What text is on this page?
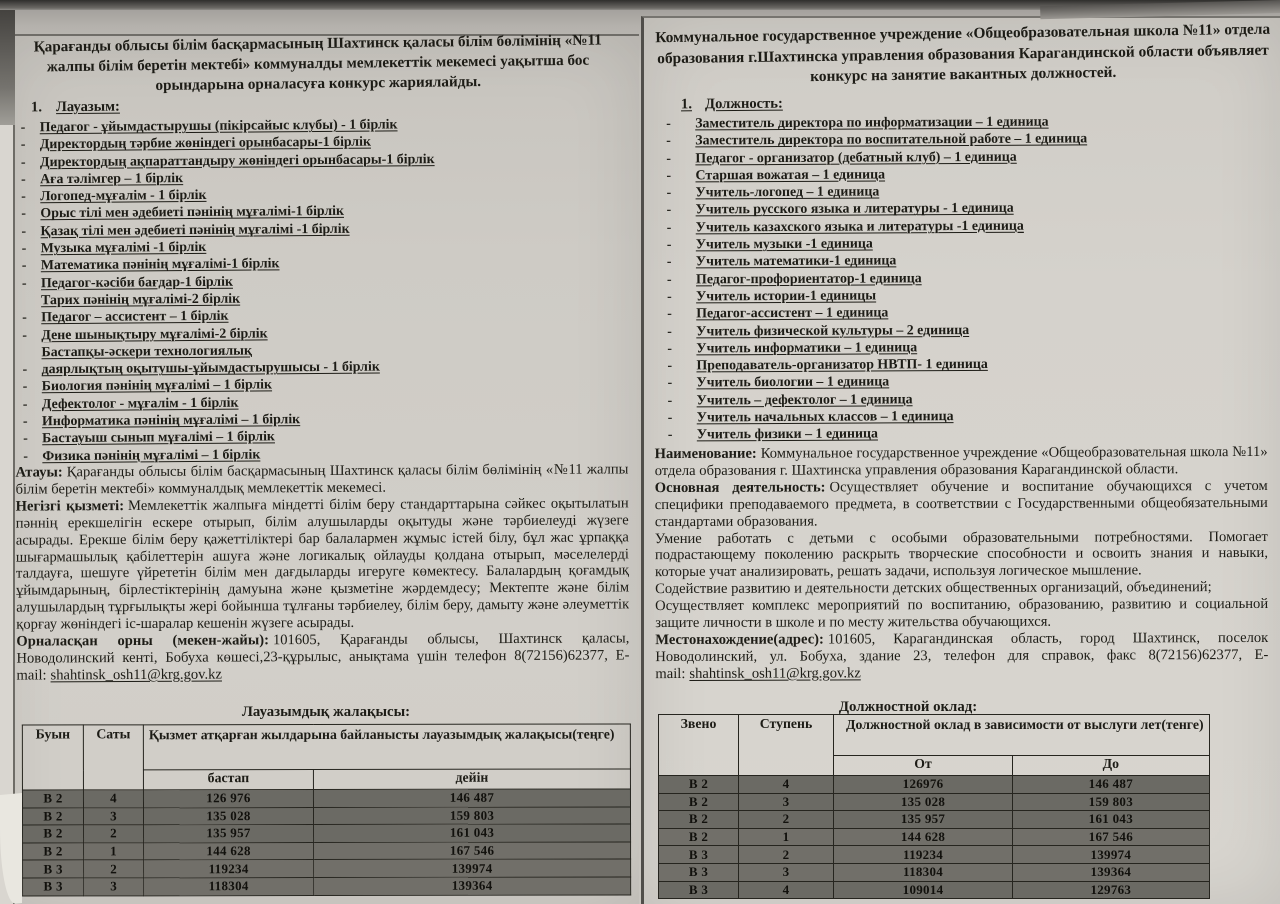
Қарағанды облысы білім басқармасының Шахтинск қаласы білім бөлімінің «№11 жалпы білім беретін мектебі» коммуналды мемлекеттік мекемесі уақытша бос орындарына орналасуға конкурс жариялайды.
1. Лауазым:
-	Педагог - ұйымдастырушы (пікірсайыс клубы) - 1 бірлік
-	Директордың тәрбие жөніндегі орынбасары-1 бірлік
-	Директордың ақпараттандыру жөніндегі орынбасары-1 бірлік
-	Аға тәлімгер – 1 бірлік
-	Логопед-мұғалім - 1 бірлік
-	Орыс тілі мен әдебиеті пәнінің мұғалімі-1 бірлік
-	Қазақ тілі мен әдебиеті пәнінің мұғалімі -1 бірлік
-	Музыка мұғалімі -1 бірлік
-	Математика пәнінің мұғалімі-1 бірлік
-	Педагог-кәсіби бағдар-1 бірлік
Тарих пәнінің мұғалімі-2 бірлік
-	Педагог – ассистент – 1 бірлік
-	Дене шынықтыру мұғалімі-2 бірлік
Бастапқы-әскери технологиялық
-	даярлықтың оқытушы-ұйымдастырушысы - 1 бірлік
-	Биология пәнінің мұғалімі – 1 бірлік
-	Дефектолог - мұғалім - 1 бірлік
-	Информатика пәнінің мұғалімі – 1 бірлік
-	Бастауыш сынып мұғалімі – 1 бірлік
-	Физика пәнінің мұғалімі – 1 бірлік

Атауы: Қарағанды облысы білім басқармасының Шахтинск қаласы білім бөлімінің «№11 жалпы білім беретін мектебі» коммуналдық мемлекеттік мекемесі.

Негізгі қызметі: Мемлекеттік жалпыға міндетті білім беру стандарттарына сәйкес оқытылатын пәннің ерекшелігін ескере отырып, білім алушыларды оқытуды және тәрбиелеуді жүзеге асырады. Ерекше білім беру қажеттіліктері бар балалармен жұмыс істей білу, бұл жас ұрпаққа шығармашылық қабілеттерін ашуға және логикалық ойлауды қолдана отырып, мәселелерді талдауға, шешуге үйрететін білім мен дағдыларды игеруге көмектесу. Балалардың қоғамдық ұйымдарының, бірлестіктерінің дамуына және қызметіне жәрдемдесу; Мектепте және білім алушылардың тұрғылықты жері бойынша тұлғаны тәрбиелеу, білім беру, дамыту және әлеуметтік қорғау жөніндегі іс-шаралар кешенін жүзеге асырады.

Орналасқан орны (мекен-жайы): 101605, Қарағанды облысы, Шахтинск қаласы, Новодолинский кенті, Бобуха көшесі,23-құрылыс, анықтама үшін телефон 8(72156)62377, E-mail: shahtinsk_osh11@krg.gov.kz

Лауазымдық жалақысы:
Буын	Саты	Қызмет атқарған жылдарына байланысты лауазымдық жалақысы(теңге)	
		бастап	дейін
В 2	4	126 976	146 487
В 2	3	135 028	159 803
В 2	2	135 957	161 043
В 2	1	144 628	167 546
В 3	2	119234	139974
В 3	3	118304	139364
Коммунальное государственное учреждение «Общеобразовательная школа №11» отдела образования г.Шахтинска управления образования Карагандинской области объявляет конкурс на занятие вакантных должностей.
1. Должность:
-	Заместитель директора по информатизации – 1 единица
-	Заместитель директора по воспитательной работе – 1 единица
-	Педагог - организатор (дебатный клуб) – 1 единица
-	Старшая вожатая – 1 единица
-	Учитель-логопед – 1 единица
-	Учитель русского языка и литературы - 1 единица
-	Учитель казахского языка и литературы -1 единица
-	Учитель музыки -1 единица
-	Учитель математики-1 единица
-	Педагог-профориентатор-1 единица
-	Учитель истории-1 единицы
-	Педагог-ассистент – 1 единица
-	Учитель физической культуры – 2 единица
-	Учитель информатики – 1 единица
-	Преподаватель-организатор НВТП- 1 единица
-	Учитель биологии – 1 единица
-	Учитель – дефектолог – 1 единица
-	Учитель начальных классов – 1 единица
-	Учитель физики – 1 единица

Наименование: Коммунальное государственное учреждение «Общеобразовательная школа №11» отдела образования г. Шахтинска управления образования Карагандинской области.

Основная деятельность: Осуществляет обучение и воспитание обучающихся с учетом специфики преподаваемого предмета, в соответствии с Государственными общеобязательными стандартами образования.

Умение работать с детьми с особыми образовательными потребностями. Помогает подрастающему поколению раскрыть творческие способности и освоить знания и навыки, которые учат анализировать, решать задачи, используя логическое мышление.

Содействие развитию и деятельности детских общественных организаций, объединений;

Осуществляет комплекс мероприятий по воспитанию, образованию, развитию и социальной защите личности в школе и по месту жительства обучающихся.

Местонахождение(адрес): 101605, Карагандинская область, город Шахтинск, поселок Новодолинский, ул. Бобуха, здание 23, телефон для справок, факс 8(72156)62377, E-mail: shahtinsk_osh11@krg.gov.kz

Должностной оклад:
Звено	Ступень	Должностной оклад в зависимости от выслуги лет(тенге)	
		От	До
В 2	4	126976	146 487
В 2	3	135 028	159 803
В 2	2	135 957	161 043
В 2	1	144 628	167 546
В 3	2	119234	139974
В 3	3	118304	139364
В 3	4	109014	129763
